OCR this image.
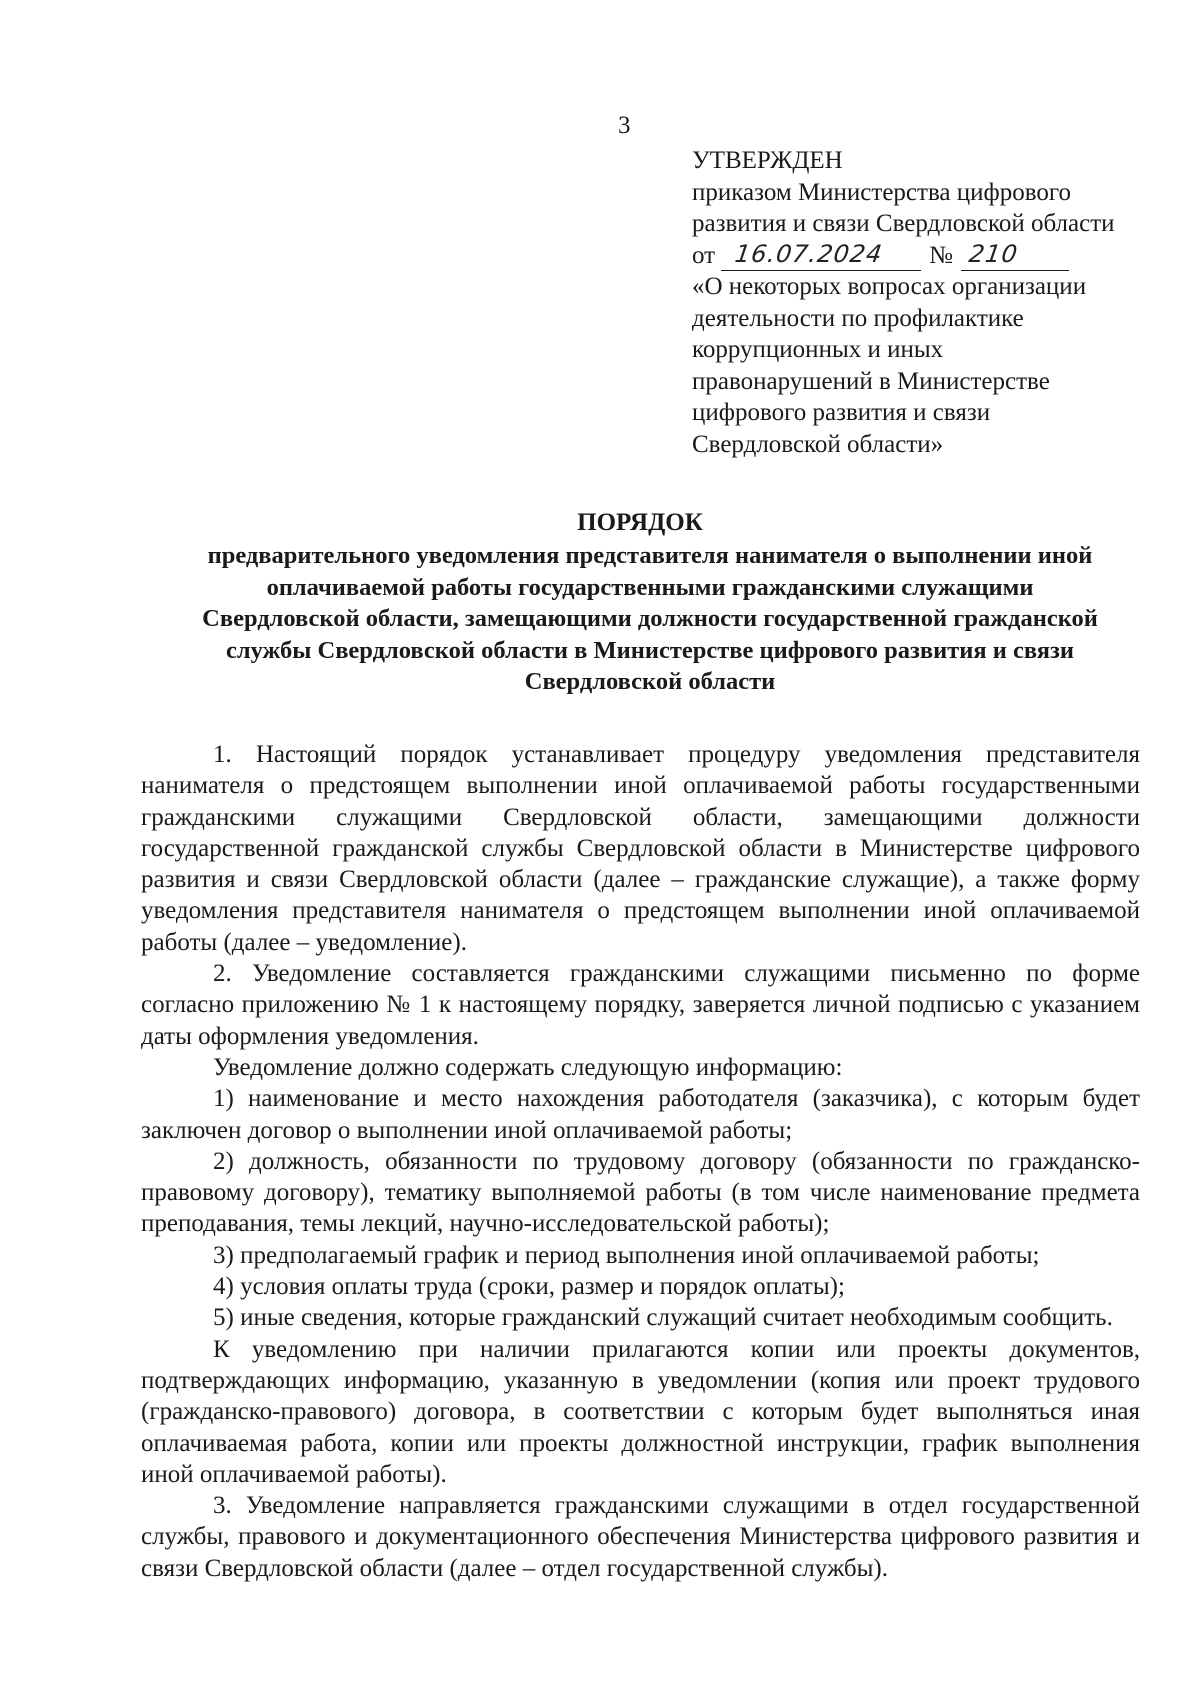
3
УТВЕРЖДЕН
приказом Министерства цифрового
развития и связи Свердловской области
от 16.07.2024 № 210
«О некоторых вопросах организации
деятельности по профилактике
коррупционных и иных
правонарушений в Министерстве
цифрового развития и связи
Свердловской области»
ПОРЯДОК
предварительного уведомления представителя нанимателя о выполнении иной
оплачиваемой работы государственными гражданскими служащими
Свердловской области, замещающими должности государственной гражданской
службы Свердловской области в Министерстве цифрового развития и связи
Свердловской области

1. Настоящий порядок устанавливает процедуру уведомления представителя нанимателя о предстоящем выполнении иной оплачиваемой работы государственными гражданскими служащими Свердловской области, замещающими должности государственной гражданской службы Свердловской области в Министерстве цифрового развития и связи Свердловской области (далее – гражданские служащие), а также форму уведомления представителя нанимателя о предстоящем выполнении иной оплачиваемой работы (далее – уведомление).

2. Уведомление составляется гражданскими служащими письменно по форме согласно приложению № 1 к настоящему порядку, заверяется личной подписью с указанием даты оформления уведомления.

Уведомление должно содержать следующую информацию:

1) наименование и место нахождения работодателя (заказчика), с которым будет заключен договор о выполнении иной оплачиваемой работы;

2) должность, обязанности по трудовому договору (обязанности по гражданско-правовому договору), тематику выполняемой работы (в том числе наименование предмета преподавания, темы лекций, научно-исследовательской работы);

3) предполагаемый график и период выполнения иной оплачиваемой работы;

4) условия оплаты труда (сроки, размер и порядок оплаты);

5) иные сведения, которые гражданский служащий считает необходимым сообщить.

К уведомлению при наличии прилагаются копии или проекты документов, подтверждающих информацию, указанную в уведомлении (копия или проект трудового (гражданско-правового) договора, в соответствии с которым будет выполняться иная оплачиваемая работа, копии или проекты должностной инструкции, график выполнения иной оплачиваемой работы).

3. Уведомление направляется гражданскими служащими в отдел государственной службы, правового и документационного обеспечения Министерства цифрового развития и связи Свердловской области (далее – отдел государственной службы).
